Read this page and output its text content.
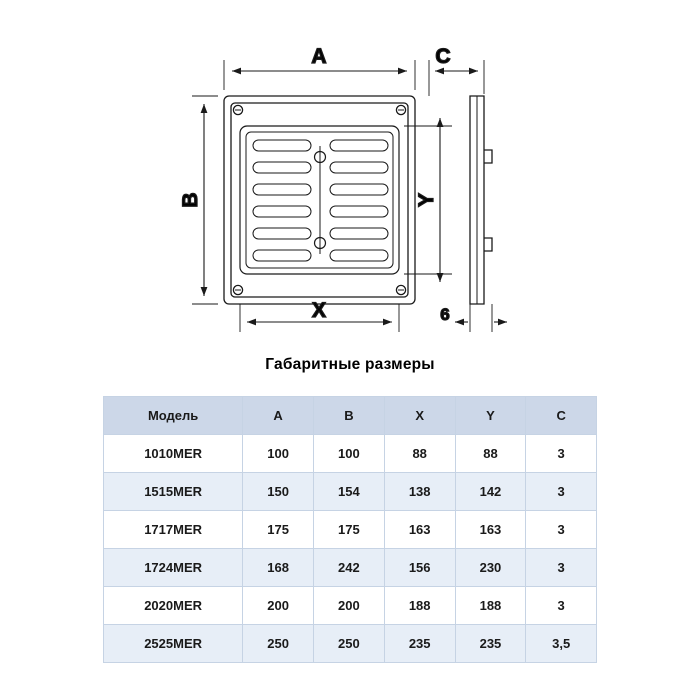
A	C
B
X
Y
6
Габаритные размеры
Модель	A	B	X	Y	C
1010MER	100	100	88	88	3
1515MER	150	154	138	142	3
1717MER	175	175	163	163	3
1724MER	168	242	156	230	3
2020MER	200	200	188	188	3
2525MER	250	250	235	235	3,5
